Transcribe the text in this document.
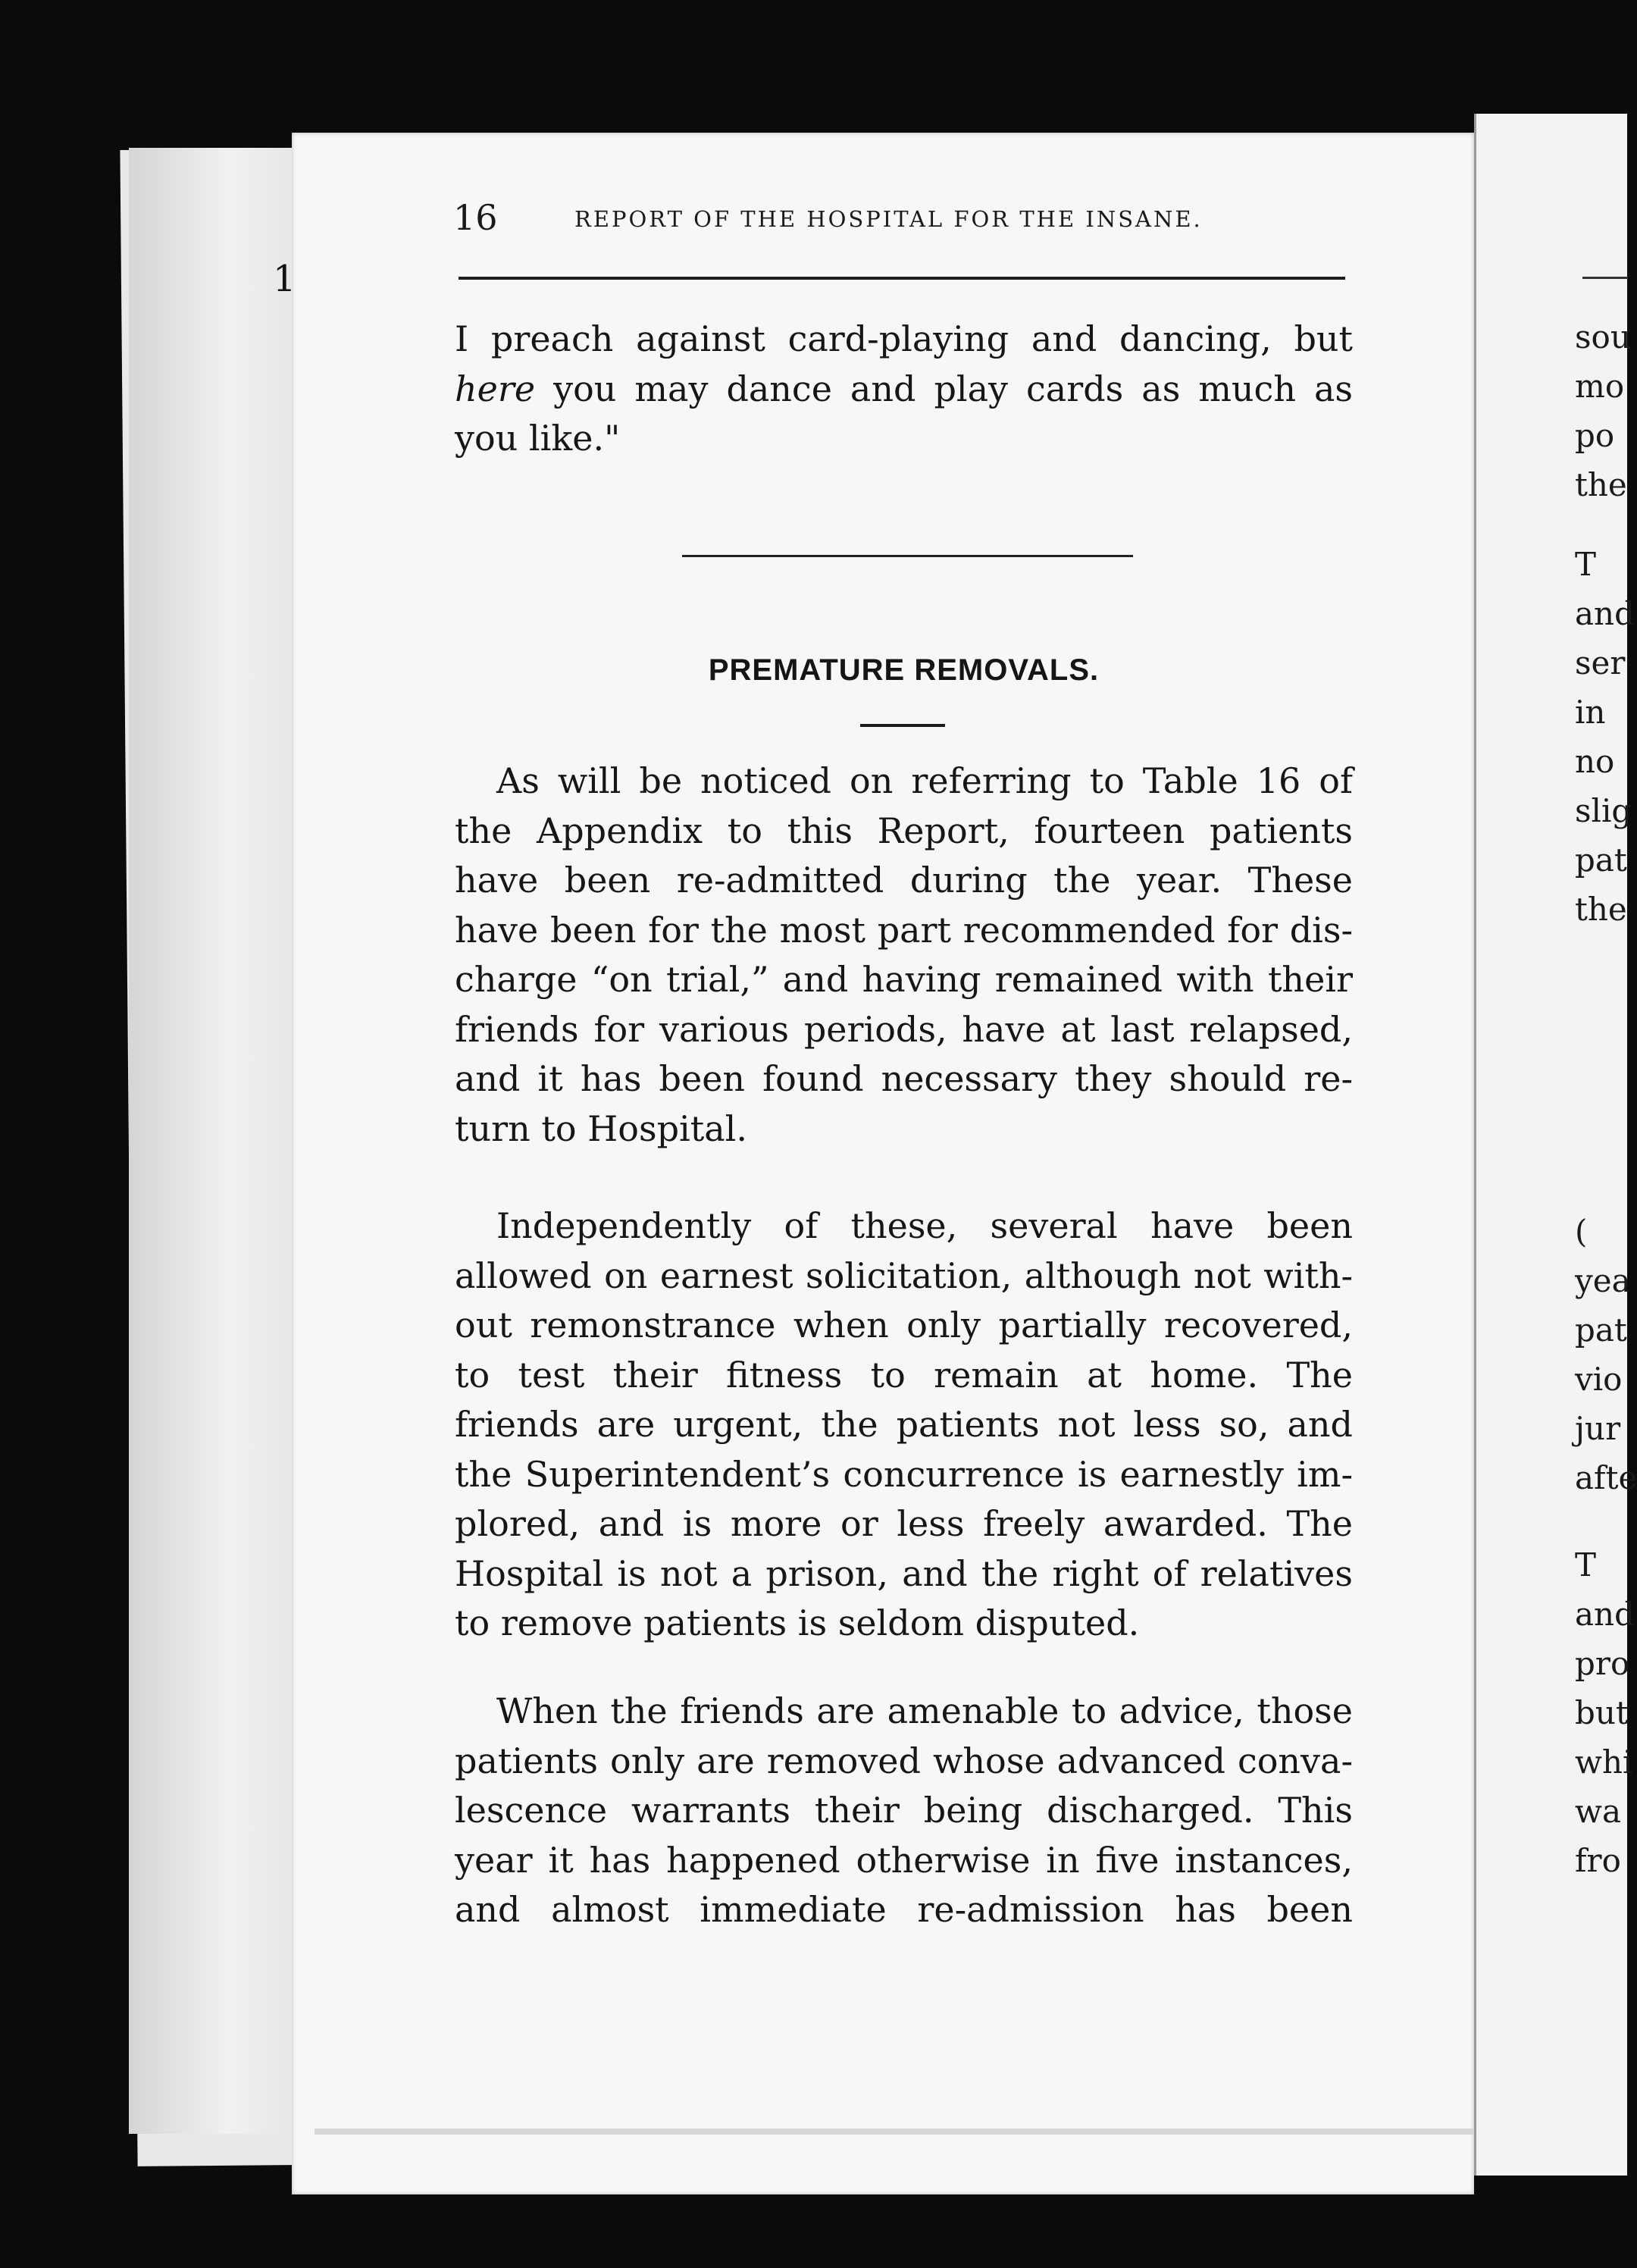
1
16	REPORT OF THE HOSPITAL FOR THE INSANE.

I preach against card-playing and dancing, but
here you may dance and play cards as much as
you like."

PREMATURE REMOVALS.

As will be noticed on referring to Table 16 of
the Appendix to this Report, fourteen patients
have been re-admitted during the year. These
have been for the most part recommended for dis-
charge “on trial,” and having remained with their
friends for various periods, have at last relapsed,
and it has been found necessary they should re-
turn to Hospital.

Independently of these, several have been
allowed on earnest solicitation, although not with-
out remonstrance when only partially recovered,
to test their fitness to remain at home. The
friends are urgent, the patients not less so, and
the Superintendent’s concurrence is earnestly im-
plored, and is more or less freely awarded. The
Hospital is not a prison, and the right of relatives
to remove patients is seldom disputed.

When the friends are amenable to advice, those
patients only are removed whose advanced conva-
lescence warrants their being discharged. This
year it has happened otherwise in five instances,
and almost immediate re-admission has been

sou
mo
po
the
T
and
ser
in
no
slig
pat
the
(
yea
pat
vio
jur
afte
T
and
pro
but
whi
wa
fro
